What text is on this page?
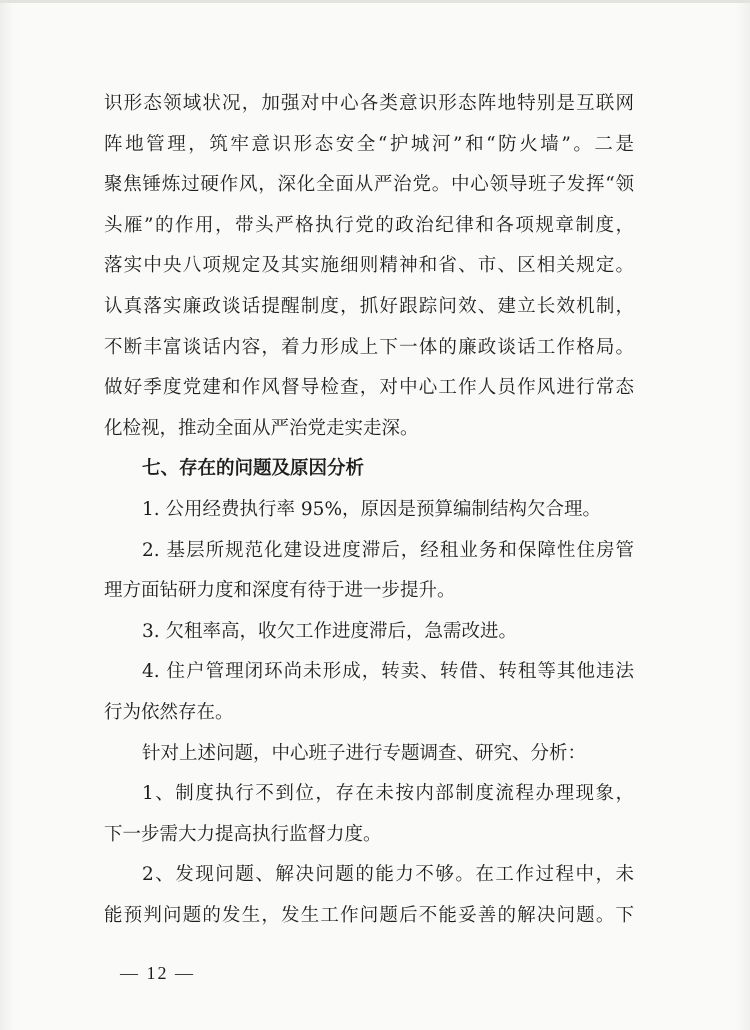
识形态领域状况，加强对中心各类意识形态阵地特别是互联网
阵地管理，筑牢意识形态安全“护城河”和“防火墙”。二是
聚焦锤炼过硬作风，深化全面从严治党。中心领导班子发挥“领
头雁”的作用，带头严格执行党的政治纪律和各项规章制度，
落实中央八项规定及其实施细则精神和省、市、区相关规定。
认真落实廉政谈话提醒制度，抓好跟踪问效、建立长效机制，
不断丰富谈话内容，着力形成上下一体的廉政谈话工作格局。
做好季度党建和作风督导检查，对中心工作人员作风进行常态
化检视，推动全面从严治党走实走深。
七、存在的问题及原因分析
1. 公用经费执行率 95%，原因是预算编制结构欠合理。
2. 基层所规范化建设进度滞后，经租业务和保障性住房管
理方面钻研力度和深度有待于进一步提升。
3. 欠租率高，收欠工作进度滞后，急需改进。
4. 住户管理闭环尚未形成，转卖、转借、转租等其他违法
行为依然存在。
针对上述问题，中心班子进行专题调查、研究、分析：
1、制度执行不到位，存在未按内部制度流程办理现象，
下一步需大力提高执行监督力度。
2、发现问题、解决问题的能力不够。在工作过程中，未
能预判问题的发生，发生工作问题后不能妥善的解决问题。下
— 12 —
